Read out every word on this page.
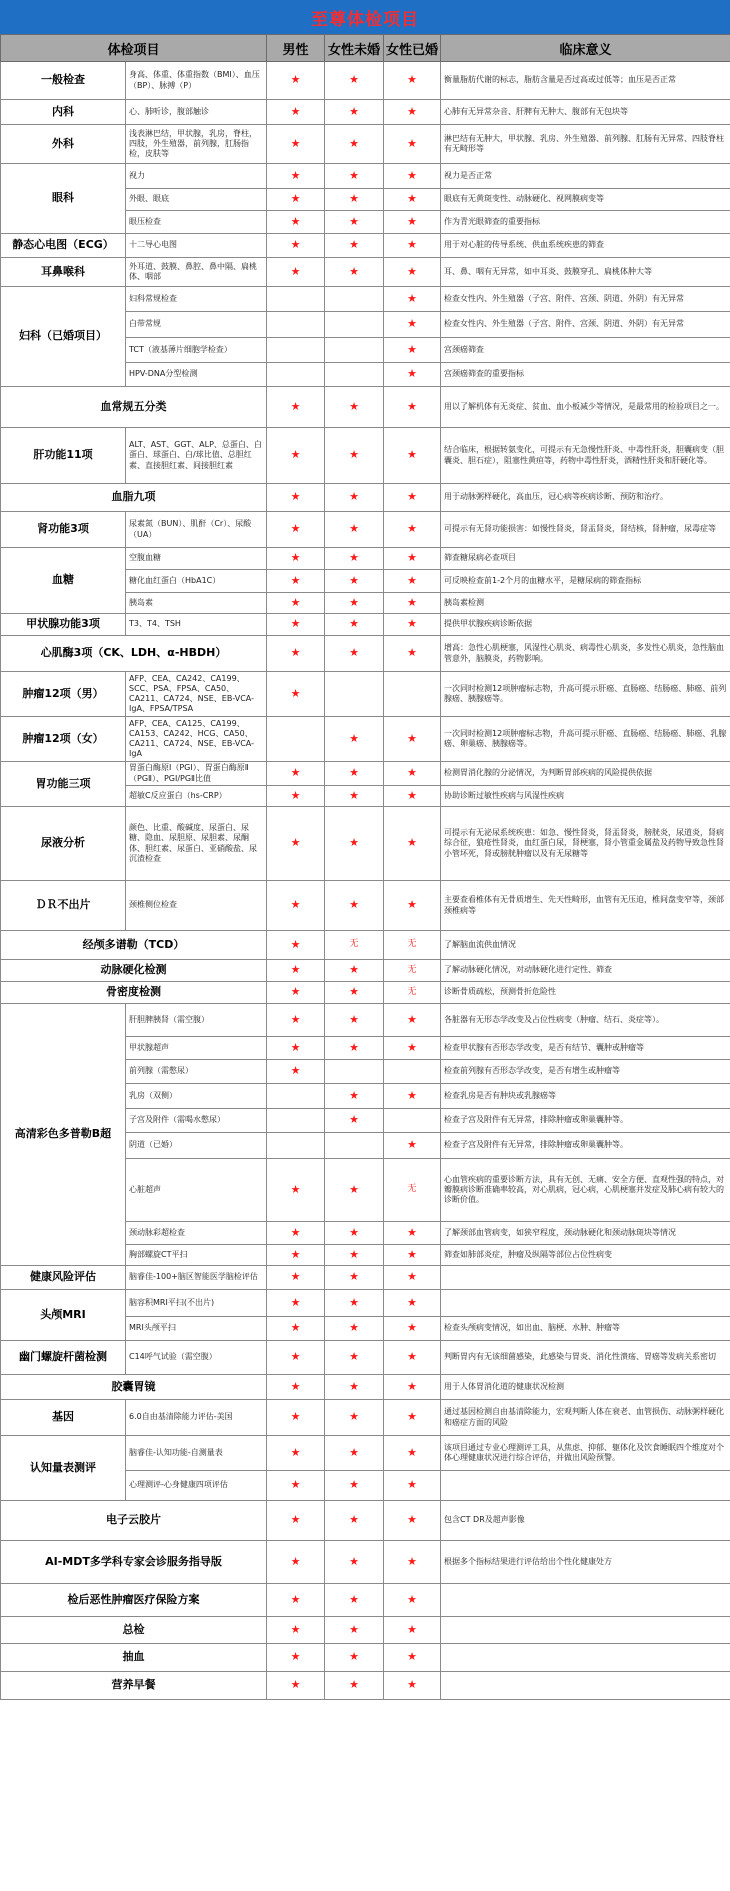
至尊体检项目
体检项目		男性	女性未婚	女性已婚	临床意义
一般检查	身高、体重、体重指数（BMI）、血压（BP）、脉搏（P）	★	★	★	衡量脂肪代谢的标志，脂肪含量是否过高或过低等；血压是否正常
内科	心、肺听诊，腹部触诊	★	★	★	心肺有无异常杂音、肝脾有无肿大、腹部有无包块等
外科	浅表淋巴结，甲状腺，乳房，脊柱，四肢，外生殖器，前列腺，肛肠指检，皮肤等	★	★	★	淋巴结有无肿大，甲状腺、乳房、外生殖器、前列腺、肛肠有无异常、四肢脊柱有无畸形等
眼科	视力	★	★	★	视力是否正常
	外眼、眼底	★	★	★	眼底有无黄斑变性、动脉硬化、视网膜病变等
	眼压检查	★	★	★	作为青光眼筛查的重要指标
静态心电图（ECG）	十二导心电图	★	★	★	用于对心脏的传导系统、供血系统疾患的筛查
耳鼻喉科	外耳道、鼓膜、鼻腔、鼻中隔、扁桃体、咽部	★	★	★	耳、鼻、咽有无异常，如中耳炎、鼓膜穿孔、扁桃体肿大等
妇科（已婚项目）	妇科常规检查			★	检查女性内、外生殖器（子宫、附件、宫颈、阴道、外阴）有无异常
	白带常规			★	检查女性内、外生殖器（子宫、附件、宫颈、阴道、外阴）有无异常
	TCT（液基薄片细胞学检查）			★	宫颈癌筛查
	HPV-DNA分型检测			★	宫颈癌筛查的重要指标
血常规五分类		★	★	★	用以了解机体有无炎症、贫血、血小板减少等情况，是最常用的检验项目之一。
肝功能11项	ALT、AST、GGT、ALP、总蛋白、白蛋白、球蛋白、白/球比值、总胆红素、直接胆红素、间接胆红素	★	★	★	结合临床，根据转氨变化，可提示有无急慢性肝炎、中毒性肝炎，胆囊病变（胆囊炎、胆石症），阻塞性黄疸等，药物中毒性肝炎，酒精性肝炎和肝硬化等。
血脂九项		★	★	★	用于动脉粥样硬化，高血压，冠心病等疾病诊断、预防和治疗。
肾功能3项	尿素氮（BUN）、肌酐（Cr）、尿酸（UA）	★	★	★	可提示有无肾功能损害：如慢性肾炎，肾盂肾炎，肾结核，肾肿瘤，尿毒症等
血糖	空腹血糖	★	★	★	筛查糖尿病必查项目
	糖化血红蛋白（HbA1C）	★	★	★	可反映检查前1-2个月的血糖水平，是糖尿病的筛查指标
	胰岛素	★	★	★	胰岛素检测
甲状腺功能3项	T3、T4、TSH	★	★	★	提供甲状腺疾病诊断依据
心肌酶3项（CK、LDH、α-HBDH）		★	★	★	增高：急性心肌梗塞，风湿性心肌炎、病毒性心肌炎，多发性心肌炎，急性脑血管意外，脑膜炎，药物影响。
肿瘤12项（男）	AFP、CEA、CA242、CA199、SCC、PSA、FPSA、CA50、CA211、CA724、NSE、EB-VCA-IgA、FPSA/TPSA	★			一次同时检测12项肿瘤标志物，升高可提示肝癌、直肠癌、结肠癌、肺癌、前列腺癌、胰腺癌等。
肿瘤12项（女）	AFP、CEA、CA125、CA199、CA153、CA242、HCG、CA50、CA211、CA724、NSE、EB-VCA-IgA		★	★	一次同时检测12项肿瘤标志物，升高可提示肝癌、直肠癌、结肠癌、肺癌、乳腺癌、卵巢癌、胰腺癌等。
胃功能三项	胃蛋白酶原Ⅰ（PGⅠ）、胃蛋白酶原Ⅱ（PGⅡ）、PGⅠ/PGⅡ比值	★	★	★	检测胃消化腺的分泌情况，为判断胃部疾病的风险提供依据
	超敏C反应蛋白（hs-CRP）	★	★	★	协助诊断过敏性疾病与风湿性疾病
尿液分析	颜色、比重、酸碱度、尿蛋白、尿糖、隐血、尿胆原、尿胆素、尿酮体、胆红素、尿蛋白、亚硝酸盐、尿沉渣检查	★	★	★	可提示有无泌尿系统疾患：如急、慢性肾炎，肾盂肾炎，膀胱炎，尿道炎，肾病综合征，狼疮性肾炎，血红蛋白尿，肾梗塞，肾小管重金属盐及药物导致急性肾小管坏死，肾或膀胱肿瘤以及有无尿糖等
ＤＲ不出片	颈椎侧位检查	★	★	★	主要查看椎体有无骨质增生、先天性畸形，血管有无压迫，椎间盘变窄等，颈部颈椎病等
经颅多谱勒（TCD）		★	无	无	了解脑血流供血情况
动脉硬化检测		★	★	无	了解动脉硬化情况，对动脉硬化进行定性、筛查
骨密度检测		★	★	无	诊断骨质疏松，预测骨折危险性
高清彩色多普勒B超	肝胆脾胰肾（需空腹）	★	★	★	各脏器有无形态学改变及占位性病变（肿瘤、结石、炎症等）。
	甲状腺超声	★	★	★	检查甲状腺有否形态学改变，是否有结节、囊肿或肿瘤等
	前列腺（需憋尿）	★			检查前列腺有否形态学改变，是否有增生或肿瘤等
	乳房（双侧）		★	★	检查乳房是否有肿块或乳腺癌等
	子宫及附件（需喝水憋尿）		★		检查子宫及附件有无异常，排除肿瘤或卵巢囊肿等。
	阴道（已婚）			★	检查子宫及附件有无异常，排除肿瘤或卵巢囊肿等。
	心脏超声	★	★	无	心血管疾病的重要诊断方法，具有无创、无痛、安全方便、直观性强的特点，对瓣膜病诊断准确率较高，对心肌病，冠心病，心肌梗塞并发症及肺心病有较大的诊断价值。
	颈动脉彩超检查	★	★	★	了解颈部血管病变，如狭窄程度，颈动脉硬化和颈动脉斑块等情况
	胸部螺旋CT平扫	★	★	★	筛查如肺部炎症，肿瘤及纵隔等部位占位性病变
健康风险评估	脑睿佳-100+脑区智能医学脑检评估	★	★	★	
头颅MRI	脑容积MRI平扫(不出片)	★	★	★	
	MRI头颅平扫	★	★	★	检查头颅病变情况，如出血、脑梗、水肿、肿瘤等
幽门螺旋杆菌检测	C14呼气试验（需空腹）	★	★	★	判断胃内有无该细菌感染，此感染与胃炎、消化性溃疡、胃癌等发病关系密切
胶囊胃镜		★	★	★	用于人体胃消化道的健康状况检测
基因	6.0自由基清除能力评估-美国	★	★	★	通过基因检测自由基清除能力，宏观判断人体在衰老、血管损伤、动脉粥样硬化和癌症方面的风险
认知量表测评	脑睿佳-认知功能-自测量表	★	★	★	该项目通过专业心理测评工具，从焦虑、抑郁、躯体化及饮食睡眠四个维度对个体心理健康状况进行综合评估，并做出风险预警。
	心理测评-心身健康四项评估	★	★	★	
电子云胶片		★	★	★	包含CT DR及超声影像
AI-MDT多学科专家会诊服务指导版		★	★	★	根据多个指标结果进行评估给出个性化健康处方
检后恶性肿瘤医疗保险方案		★	★	★	
总检		★	★	★	
抽血		★	★	★	
营养早餐		★	★	★	
